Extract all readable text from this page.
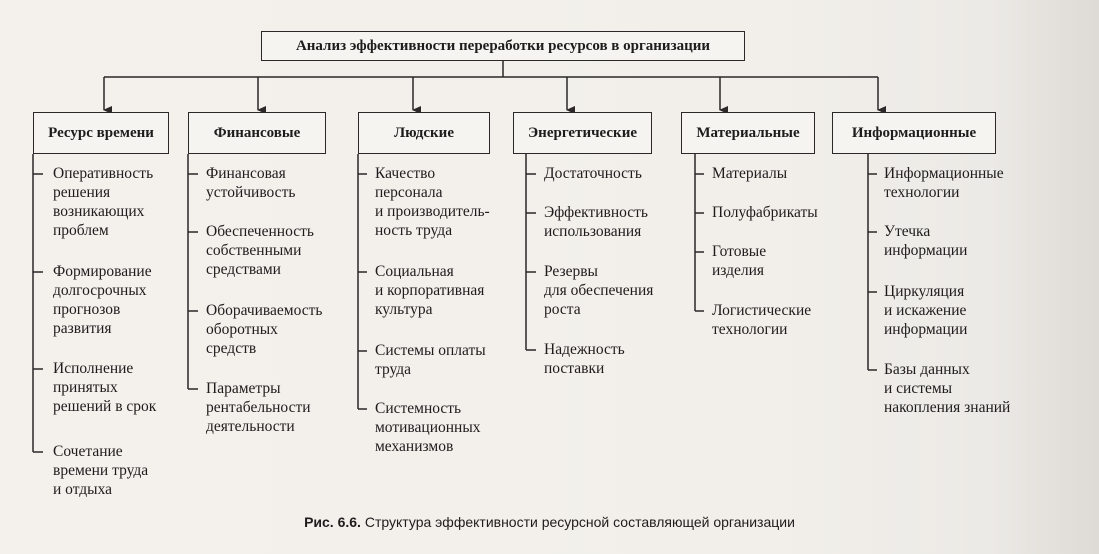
Анализ эффективности переработки ресурсов в организации
Ресурс времени	Финансовые	Людские	Энергетические	Материальные	Информационные
Оперативность
решения
возникающих
проблем
Формирование
долгосрочных
прогнозов
развития
Исполнение
принятых
решений в срок
Сочетание
времени труда
и отдыха
Финансовая
устойчивость
Обеспеченность
собственными
средствами
Оборачиваемость
оборотных
средств
Параметры
рентабельности
деятельности
Качество
персонала
и производитель-
ность труда
Социальная
и корпоративная
культура
Системы оплаты
труда
Системность
мотивационных
механизмов
Достаточность
Эффективность
использования
Резервы
для обеспечения
роста
Надежность
поставки
Материалы
Полуфабрикаты
Готовые
изделия
Логистические
технологии
Информационные
технологии
Утечка
информации
Циркуляция
и искажение
информации
Базы данных
и системы
накопления знаний
Рис. 6.6. Структура эффективности ресурсной составляющей организации
